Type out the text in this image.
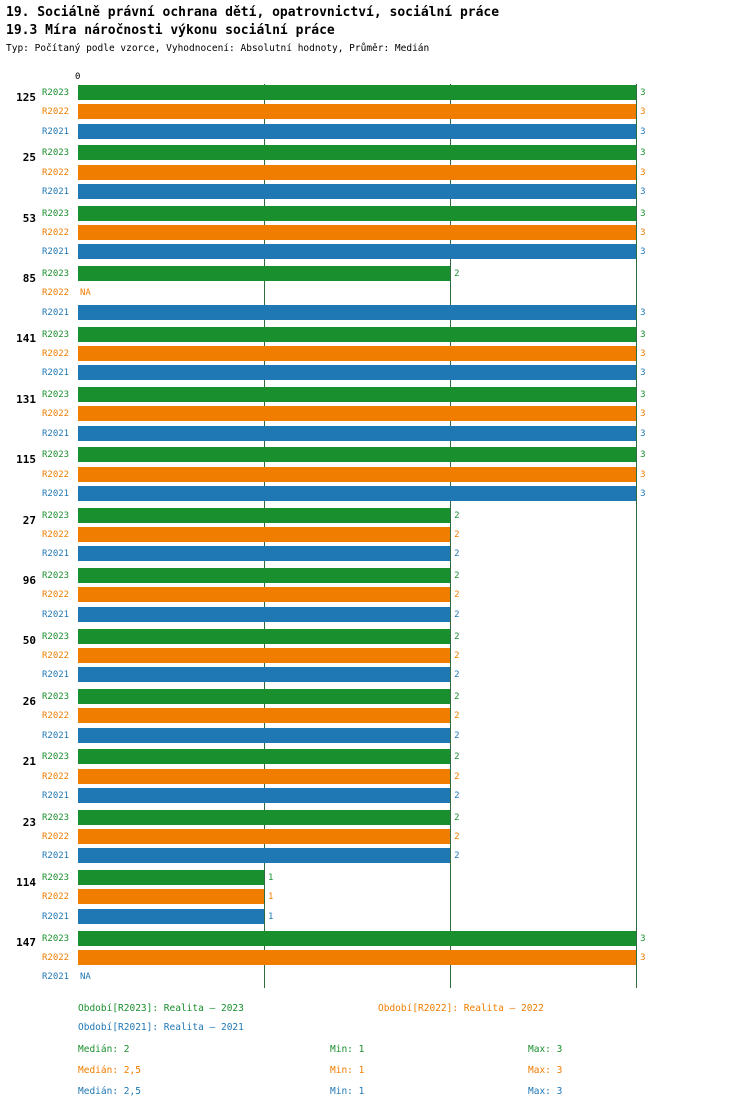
19. Sociálně právní ochrana dětí, opatrovnictví, sociální práce
19.3 Míra náročnosti výkonu sociální práce
Typ: Počítaný podle vzorce, Vyhodnocení: Absolutní hodnoty, Průměr: Medián
0
125 R2023	3
R2022	3
R2021	3
25 R2023	3
R2022	3
R2021	3
53 R2023	3
R2022	3
R2021	3
85 R2023	2
R2022 NA
R2021	3
141 R2023	3
R2022	3
R2021	3
131 R2023	3
R2022	3
R2021	3
115 R2023	3
R2022	3
R2021	3
27 R2023	2
R2022	2
R2021	2
96 R2023	2
R2022	2
R2021	2
50 R2023	2
R2022	2
R2021	2
26 R2023	2
R2022	2
R2021	2
21 R2023	2
R2022	2
R2021	2
23 R2023	2
R2022	2
R2021	2
114 R2023	1
R2022	1
R2021	1
147 R2023	3
R2022	3
R2021 NA
Období[R2023]: Realita – 2023	Období[R2022]: Realita – 2022
Období[R2021]: Realita – 2021
Medián: 2	Min: 1	Max: 3
Medián: 2,5	Min: 1	Max: 3
Medián: 2,5	Min: 1	Max: 3
